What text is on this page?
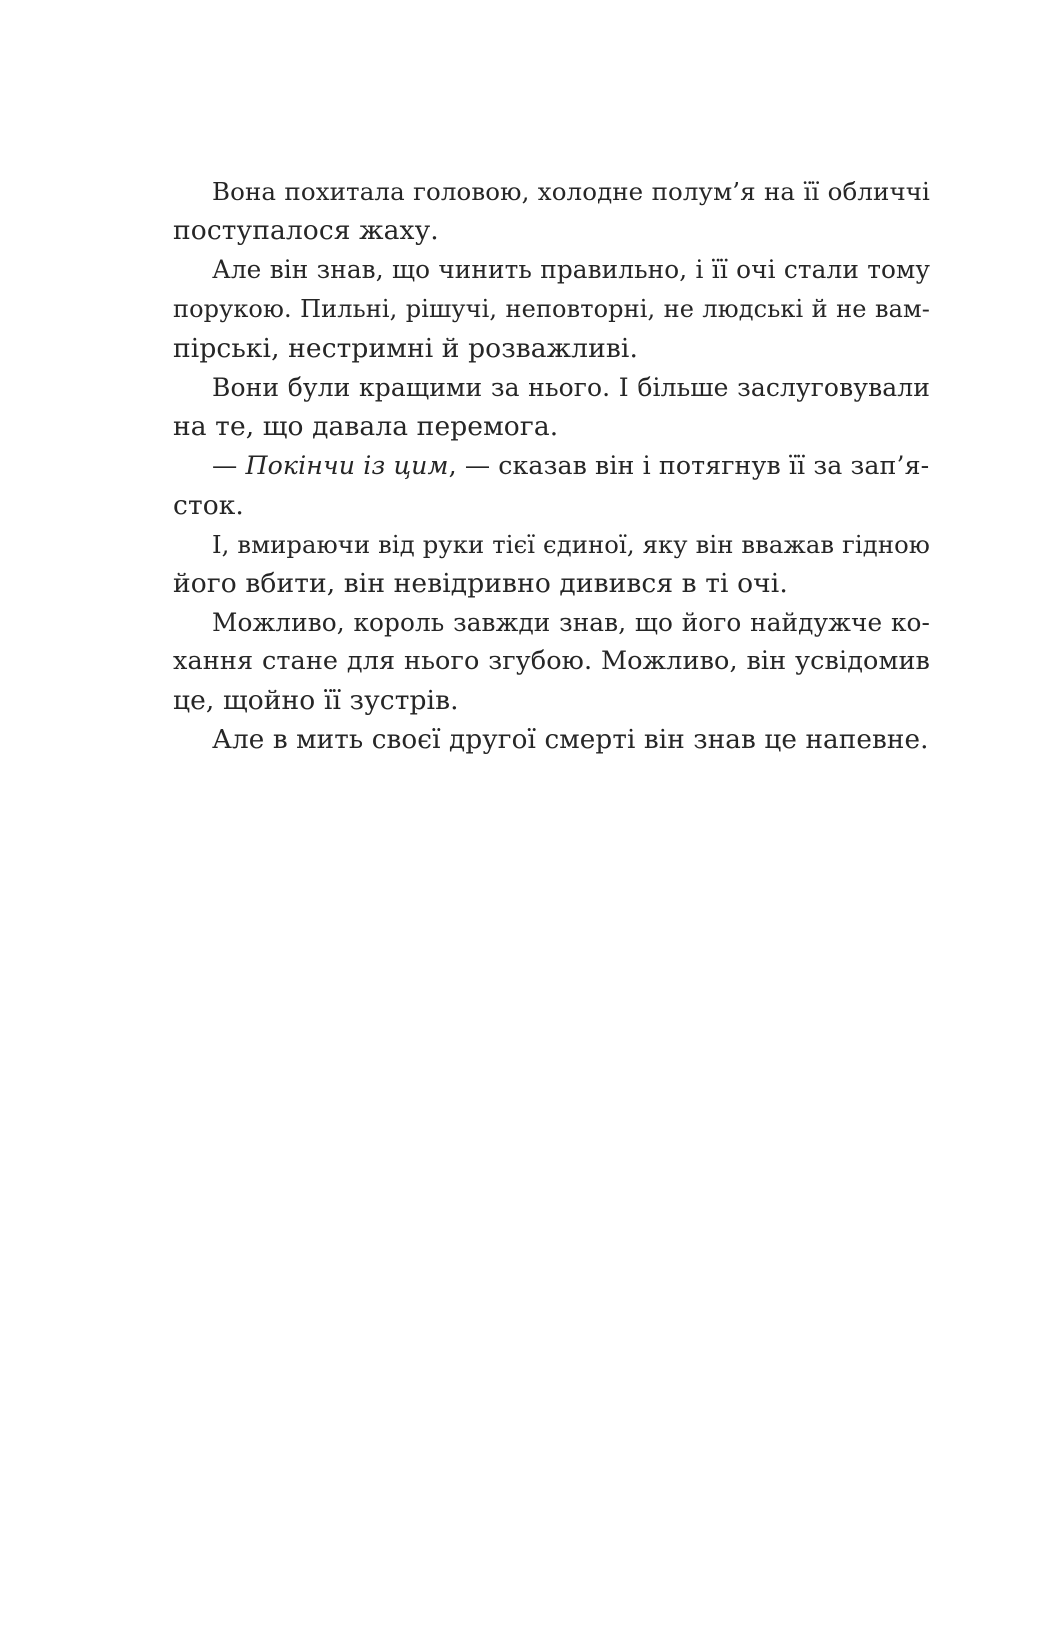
Вона похитала головою, холодне полум’я на її обличчі
поступалося жаху.
Але він знав, що чинить правильно, і її очі стали тому
порукою. Пильні, рішучі, неповторні, не людські й не вам-
пірські, нестримні й розважливі.
Вони були кращими за нього. І більше заслуговували
на те, що давала перемога.
— Покінчи із цим, — сказав він і потягнув її за зап’я-
сток.
І, вмираючи від руки тієї єдиної, яку він вважав гідною
його вбити, він невідривно дивився в ті очі.
Можливо, король завжди знав, що його найдужче ко-
хання стане для нього згубою. Можливо, він усвідомив
це, щойно її зустрів.
Але в мить своєї другої смерті він знав це напевне.
